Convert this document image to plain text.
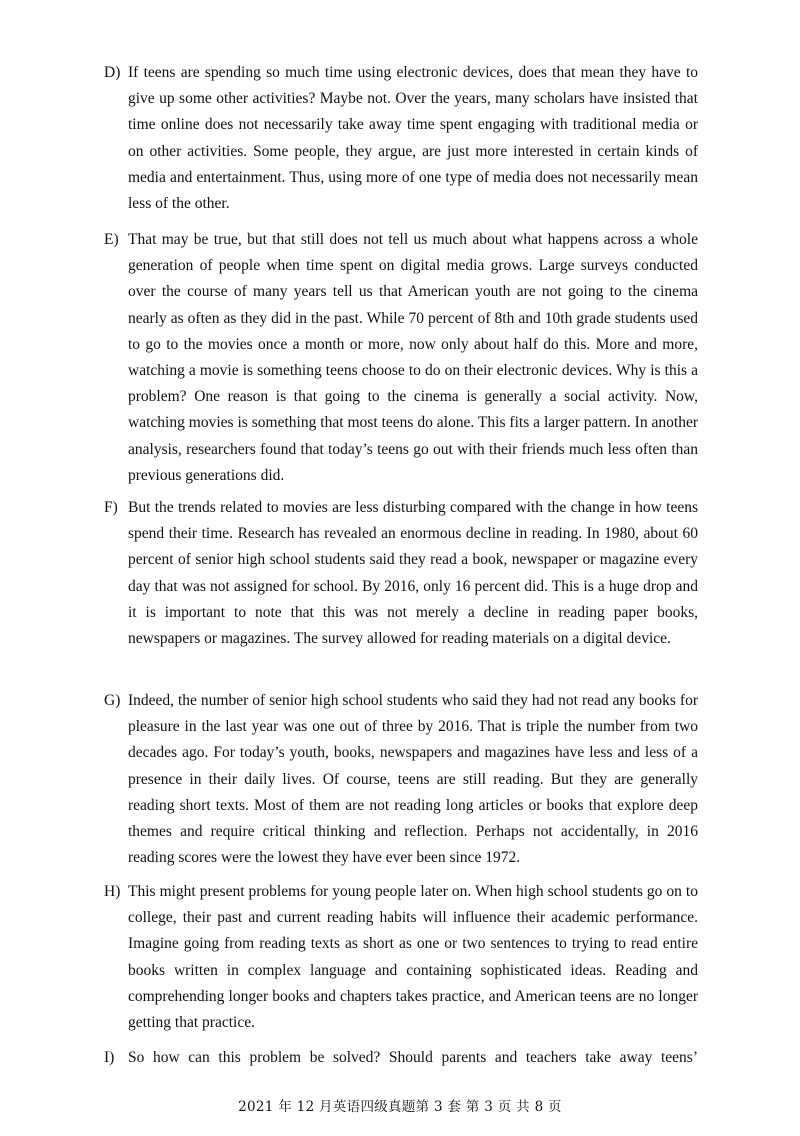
D) If teens are spending so much time using electronic devices, does that mean they have to give up some other activities? Maybe not. Over the years, many scholars have insisted that time online does not necessarily take away time spent engaging with traditional media or on other activities. Some people, they argue, are just more interested in certain kinds of media and entertainment. Thus, using more of one type of media does not necessarily mean less of the other.
E) That may be true, but that still does not tell us much about what happens across a whole generation of people when time spent on digital media grows. Large surveys conducted over the course of many years tell us that American youth are not going to the cinema nearly as often as they did in the past. While 70 percent of 8th and 10th grade students used to go to the movies once a month or more, now only about half do this. More and more, watching a movie is something teens choose to do on their electronic devices. Why is this a problem? One reason is that going to the cinema is generally a social activity. Now, watching movies is something that most teens do alone. This fits a larger pattern. In another analysis, researchers found that today’s teens go out with their friends much less often than previous generations did.
F) But the trends related to movies are less disturbing compared with the change in how teens spend their time. Research has revealed an enormous decline in reading. In 1980, about 60 percent of senior high school students said they read a book, newspaper or magazine every day that was not assigned for school. By 2016, only 16 percent did. This is a huge drop and it is important to note that this was not merely a decline in reading paper books, newspapers or magazines. The survey allowed for reading materials on a digital device.
G) Indeed, the number of senior high school students who said they had not read any books for pleasure in the last year was one out of three by 2016. That is triple the number from two decades ago. For today’s youth, books, newspapers and magazines have less and less of a presence in their daily lives. Of course, teens are still reading. But they are generally reading short texts. Most of them are not reading long articles or books that explore deep themes and require critical thinking and reflection. Perhaps not accidentally, in 2016 reading scores were the lowest they have ever been since 1972.
H) This might present problems for young people later on. When high school students go on to college, their past and current reading habits will influence their academic performance. Imagine going from reading texts as short as one or two sentences to trying to read entire books written in complex language and containing sophisticated ideas. Reading and comprehending longer books and chapters takes practice, and American teens are no longer getting that practice.
I) So how can this problem be solved? Should parents and teachers take away teens’
2021 年 12 月英语四级真题第 3 套 第 3 页 共 8 页
